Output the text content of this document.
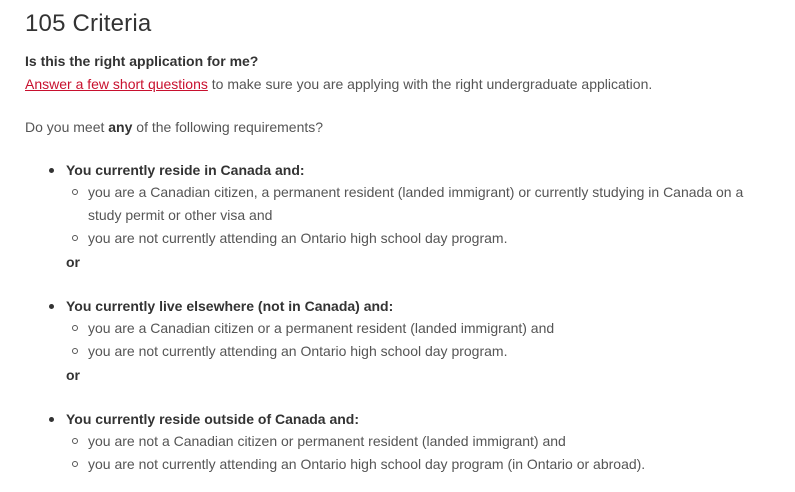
105 Criteria
Is this the right application for me?
Answer a few short questions to make sure you are applying with the right undergraduate application.
Do you meet any of the following requirements?
You currently reside in Canada and:
you are a Canadian citizen, a permanent resident (landed immigrant) or currently studying in Canada on a study permit or other visa and
you are not currently attending an Ontario high school day program.
or
You currently live elsewhere (not in Canada) and:
you are a Canadian citizen or a permanent resident (landed immigrant) and
you are not currently attending an Ontario high school day program.
or
You currently reside outside of Canada and:
you are not a Canadian citizen or permanent resident (landed immigrant) and
you are not currently attending an Ontario high school day program (in Ontario or abroad).
